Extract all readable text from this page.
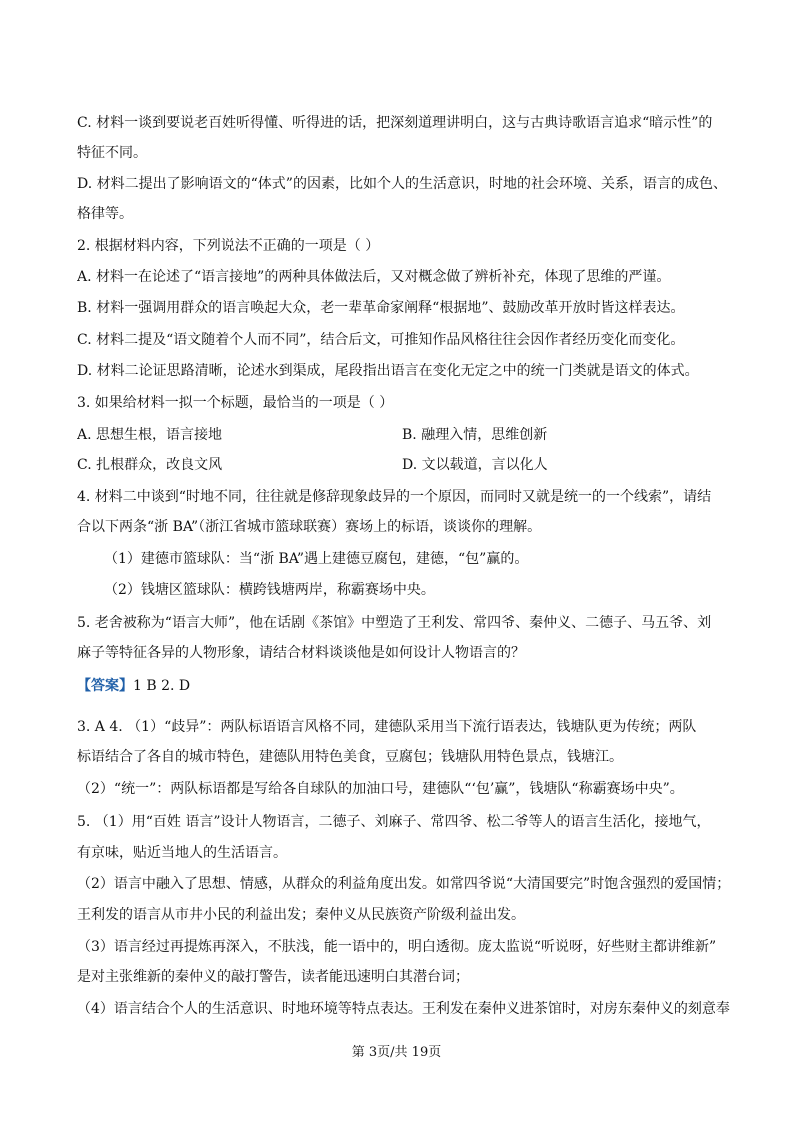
C. 材料一谈到要说老百姓听得懂、听得进的话，把深刻道理讲明白，这与古典诗歌语言追求“暗示性”的
特征不同。
D. 材料二提出了影响语文的“体式”的因素，比如个人的生活意识，时地的社会环境、关系，语言的成色、
格律等。
2. 根据材料内容，下列说法不正确的一项是（ ）
A. 材料一在论述了“语言接地”的两种具体做法后，又对概念做了辨析补充，体现了思维的严谨。
B. 材料一强调用群众的语言唤起大众，老一辈革命家阐释“根据地”、鼓励改革开放时皆这样表达。
C. 材料二提及“语文随着个人而不同”，结合后文，可推知作品风格往往会因作者经历变化而变化。
D. 材料二论证思路清晰，论述水到渠成，尾段指出语言在变化无定之中的统一门类就是语文的体式。
3. 如果给材料一拟一个标题，最恰当的一项是（ ）
A. 思想生根，语言接地	B. 融理入情，思维创新
C. 扎根群众，改良文风	D. 文以载道，言以化人
4. 材料二中谈到“时地不同，往往就是修辞现象歧异的一个原因，而同时又就是统一的一个线索”，请结
合以下两条“浙 BA”（浙江省城市篮球联赛）赛场上的标语，谈谈你的理解。
（1）建德市篮球队：当“浙 BA”遇上建德豆腐包，建德，“包”赢的。
（2）钱塘区篮球队：横跨钱塘两岸，称霸赛场中央。
5. 老舍被称为“语言大师”，他在话剧《茶馆》中塑造了王利发、常四爷、秦仲义、二德子、马五爷、刘
麻子等特征各异的人物形象，请结合材料谈谈他是如何设计人物语言的？
【答案】1 B 2. D
3. A 4. （1）“歧异”：两队标语语言风格不同，建德队采用当下流行语表达，钱塘队更为传统；两队
标语结合了各自的城市特色，建德队用特色美食，豆腐包；钱塘队用特色景点，钱塘江。
（2）“统一”：两队标语都是写给各自球队的加油口号，建德队“‘包’赢”，钱塘队“称霸赛场中央”。
5. （1）用“百姓 语言”设计人物语言，二德子、刘麻子、常四爷、松二爷等人的语言生活化，接地气，
有京味，贴近当地人的生活语言。
（2）语言中融入了思想、情感，从群众的利益角度出发。如常四爷说“大清国要完”时饱含强烈的爱国情；
王利发的语言从市井小民的利益出发；秦仲义从民族资产阶级利益出发。
（3）语言经过再提炼再深入，不肤浅，能一语中的，明白透彻。庞太监说“听说呀，好些财主都讲维新”
是对主张维新的秦仲义的敲打警告，读者能迅速明白其潜台词；
（4）语言结合个人的生活意识、时地环境等特点表达。王利发在秦仲义进茶馆时，对房东秦仲义的刻意奉
第 3页/共 19页
